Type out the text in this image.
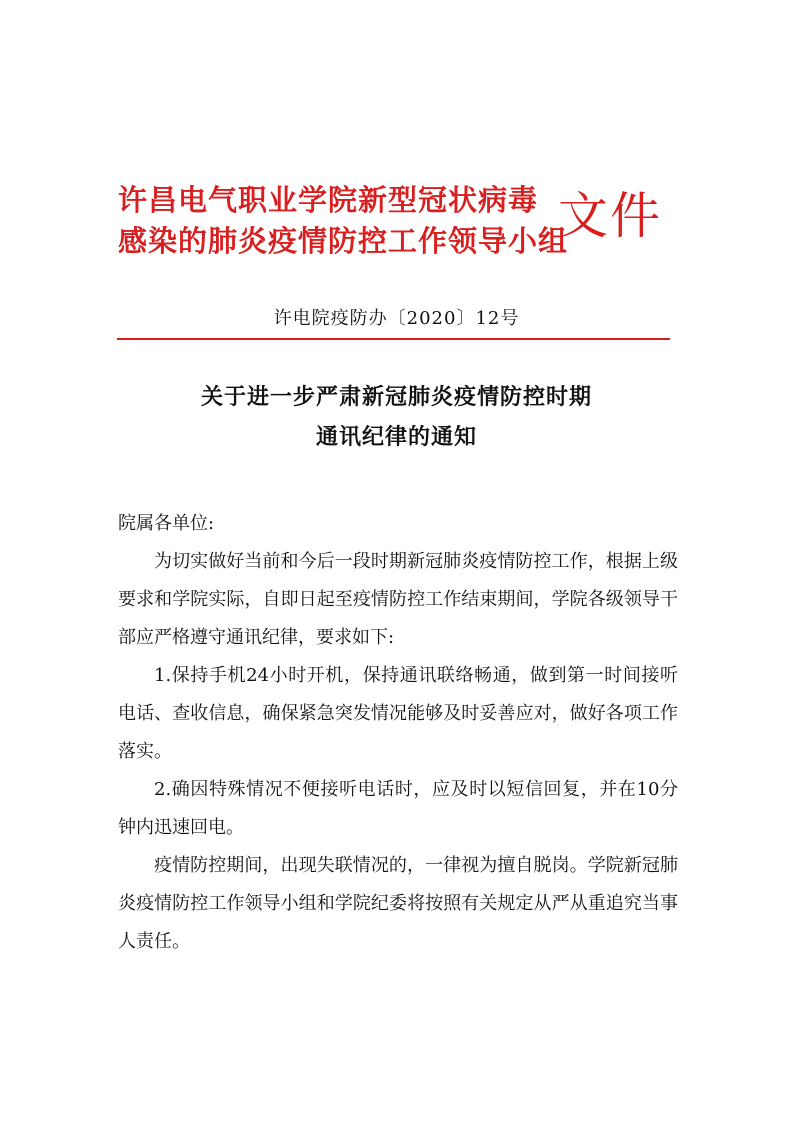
许昌电气职业学院新型冠状病毒
感染的肺炎疫情防控工作领导小组
文件
许电院疫防办〔2020〕12号
关于进一步严肃新冠肺炎疫情防控时期
通讯纪律的通知

院属各单位:

为切实做好当前和今后一段时期新冠肺炎疫情防控工作，根据上级要求和学院实际，自即日起至疫情防控工作结束期间，学院各级领导干部应严格遵守通讯纪律，要求如下:

1.保持手机24小时开机，保持通讯联络畅通，做到第一时间接听电话、查收信息，确保紧急突发情况能够及时妥善应对，做好各项工作落实。

2.确因特殊情况不便接听电话时，应及时以短信回复，并在10分钟内迅速回电。

疫情防控期间，出现失联情况的，一律视为擅自脱岗。学院新冠肺炎疫情防控工作领导小组和学院纪委将按照有关规定从严从重追究当事人责任。
